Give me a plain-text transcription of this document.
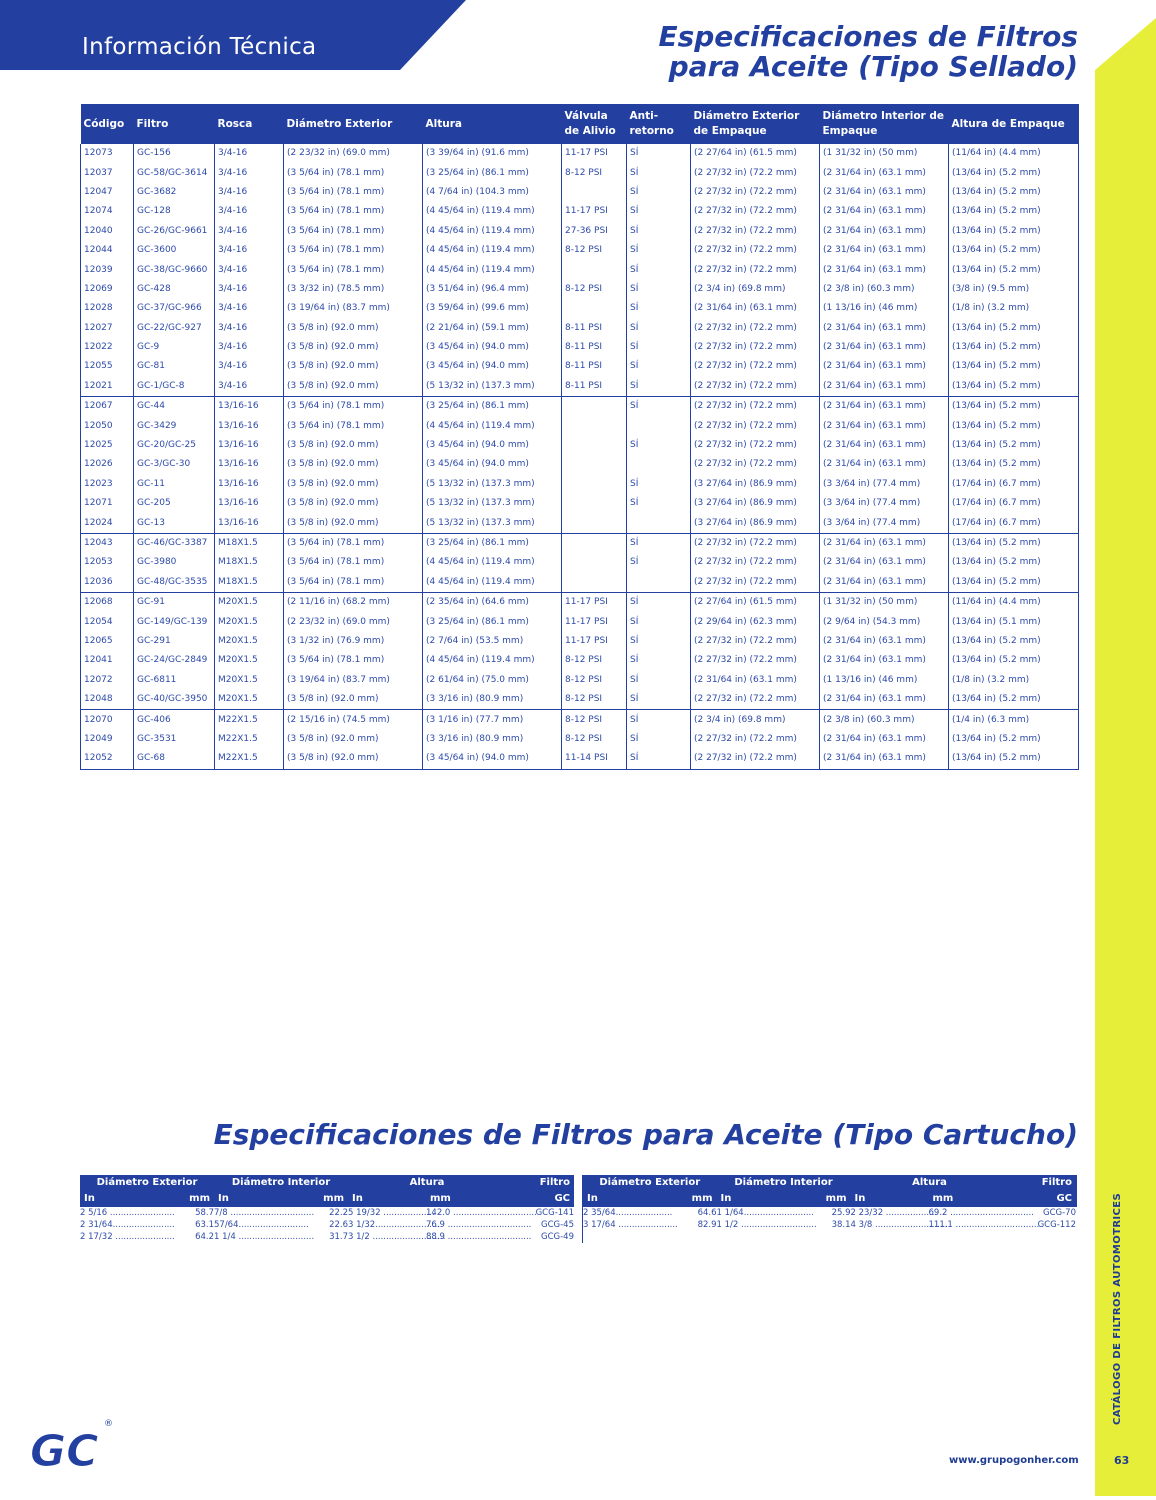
Información Técnica	Especificaciones de Filtros
para Aceite (Tipo Sellado)
CATÁLOGO DE FILTROS AUTOMOTRICES
Código	Filtro	Rosca	Diámetro Exterior	Altura	Válvula de Alivio	Anti- retorno	Diámetro Exterior de Empaque	Diámetro Interior de Empaque	Altura de Empaque
12073	GC-156	3/4-16	(2 23/32 in) (69.0 mm)	(3 39/64 in) (91.6 mm)	11-17 PSI	SÍ	(2 27/64 in) (61.5 mm)	(1 31/32 in) (50 mm)	(11/64 in) (4.4 mm)
12037	GC-58/GC-3614	3/4-16	(3 5/64 in) (78.1 mm)	(3 25/64 in) (86.1 mm)	8-12 PSI	SÍ	(2 27/32 in) (72.2 mm)	(2 31/64 in) (63.1 mm)	(13/64 in) (5.2 mm)
12047	GC-3682	3/4-16	(3 5/64 in) (78.1 mm)	(4 7/64 in) (104.3 mm)		SÍ	(2 27/32 in) (72.2 mm)	(2 31/64 in) (63.1 mm)	(13/64 in) (5.2 mm)
12074	GC-128	3/4-16	(3 5/64 in) (78.1 mm)	(4 45/64 in) (119.4 mm)	11-17 PSI	SÍ	(2 27/32 in) (72.2 mm)	(2 31/64 in) (63.1 mm)	(13/64 in) (5.2 mm)
12040	GC-26/GC-9661	3/4-16	(3 5/64 in) (78.1 mm)	(4 45/64 in) (119.4 mm)	27-36 PSI	SÍ	(2 27/32 in) (72.2 mm)	(2 31/64 in) (63.1 mm)	(13/64 in) (5.2 mm)
12044	GC-3600	3/4-16	(3 5/64 in) (78.1 mm)	(4 45/64 in) (119.4 mm)	8-12 PSI	SÍ	(2 27/32 in) (72.2 mm)	(2 31/64 in) (63.1 mm)	(13/64 in) (5.2 mm)
12039	GC-38/GC-9660	3/4-16	(3 5/64 in) (78.1 mm)	(4 45/64 in) (119.4 mm)		SÍ	(2 27/32 in) (72.2 mm)	(2 31/64 in) (63.1 mm)	(13/64 in) (5.2 mm)
12069	GC-428	3/4-16	(3 3/32 in) (78.5 mm)	(3 51/64 in) (96.4 mm)	8-12 PSI	SÍ	(2 3/4 in) (69.8 mm)	(2 3/8 in) (60.3 mm)	(3/8 in) (9.5 mm)
12028	GC-37/GC-966	3/4-16	(3 19/64 in) (83.7 mm)	(3 59/64 in) (99.6 mm)		SÍ	(2 31/64 in) (63.1 mm)	(1 13/16 in) (46 mm)	(1/8 in) (3.2 mm)
12027	GC-22/GC-927	3/4-16	(3 5/8 in) (92.0 mm)	(2 21/64 in) (59.1 mm)	8-11 PSI	SÍ	(2 27/32 in) (72.2 mm)	(2 31/64 in) (63.1 mm)	(13/64 in) (5.2 mm)
12022	GC-9	3/4-16	(3 5/8 in) (92.0 mm)	(3 45/64 in) (94.0 mm)	8-11 PSI	SÍ	(2 27/32 in) (72.2 mm)	(2 31/64 in) (63.1 mm)	(13/64 in) (5.2 mm)
12055	GC-81	3/4-16	(3 5/8 in) (92.0 mm)	(3 45/64 in) (94.0 mm)	8-11 PSI	SÍ	(2 27/32 in) (72.2 mm)	(2 31/64 in) (63.1 mm)	(13/64 in) (5.2 mm)
12021	GC-1/GC-8	3/4-16	(3 5/8 in) (92.0 mm)	(5 13/32 in) (137.3 mm)	8-11 PSI	SÍ	(2 27/32 in) (72.2 mm)	(2 31/64 in) (63.1 mm)	(13/64 in) (5.2 mm)
12067	GC-44	13/16-16	(3 5/64 in) (78.1 mm)	(3 25/64 in) (86.1 mm)		SÍ	(2 27/32 in) (72.2 mm)	(2 31/64 in) (63.1 mm)	(13/64 in) (5.2 mm)
12050	GC-3429	13/16-16	(3 5/64 in) (78.1 mm)	(4 45/64 in) (119.4 mm)			(2 27/32 in) (72.2 mm)	(2 31/64 in) (63.1 mm)	(13/64 in) (5.2 mm)
12025	GC-20/GC-25	13/16-16	(3 5/8 in) (92.0 mm)	(3 45/64 in) (94.0 mm)		SÍ	(2 27/32 in) (72.2 mm)	(2 31/64 in) (63.1 mm)	(13/64 in) (5.2 mm)
12026	GC-3/GC-30	13/16-16	(3 5/8 in) (92.0 mm)	(3 45/64 in) (94.0 mm)			(2 27/32 in) (72.2 mm)	(2 31/64 in) (63.1 mm)	(13/64 in) (5.2 mm)
12023	GC-11	13/16-16	(3 5/8 in) (92.0 mm)	(5 13/32 in) (137.3 mm)		SÍ	(3 27/64 in) (86.9 mm)	(3 3/64 in) (77.4 mm)	(17/64 in) (6.7 mm)
12071	GC-205	13/16-16	(3 5/8 in) (92.0 mm)	(5 13/32 in) (137.3 mm)		SÍ	(3 27/64 in) (86.9 mm)	(3 3/64 in) (77.4 mm)	(17/64 in) (6.7 mm)
12024	GC-13	13/16-16	(3 5/8 in) (92.0 mm)	(5 13/32 in) (137.3 mm)			(3 27/64 in) (86.9 mm)	(3 3/64 in) (77.4 mm)	(17/64 in) (6.7 mm)
12043	GC-46/GC-3387	M18X1.5	(3 5/64 in) (78.1 mm)	(3 25/64 in) (86.1 mm)		SÍ	(2 27/32 in) (72.2 mm)	(2 31/64 in) (63.1 mm)	(13/64 in) (5.2 mm)
12053	GC-3980	M18X1.5	(3 5/64 in) (78.1 mm)	(4 45/64 in) (119.4 mm)		SÍ	(2 27/32 in) (72.2 mm)	(2 31/64 in) (63.1 mm)	(13/64 in) (5.2 mm)
12036	GC-48/GC-3535	M18X1.5	(3 5/64 in) (78.1 mm)	(4 45/64 in) (119.4 mm)			(2 27/32 in) (72.2 mm)	(2 31/64 in) (63.1 mm)	(13/64 in) (5.2 mm)
12068	GC-91	M20X1.5	(2 11/16 in) (68.2 mm)	(2 35/64 in) (64.6 mm)	11-17 PSI	SÍ	(2 27/64 in) (61.5 mm)	(1 31/32 in) (50 mm)	(11/64 in) (4.4 mm)
12054	GC-149/GC-139	M20X1.5	(2 23/32 in) (69.0 mm)	(3 25/64 in) (86.1 mm)	11-17 PSI	SÍ	(2 29/64 in) (62.3 mm)	(2 9/64 in) (54.3 mm)	(13/64 in) (5.1 mm)
12065	GC-291	M20X1.5	(3 1/32 in) (76.9 mm)	(2 7/64 in) (53.5 mm)	11-17 PSI	SÍ	(2 27/32 in) (72.2 mm)	(2 31/64 in) (63.1 mm)	(13/64 in) (5.2 mm)
12041	GC-24/GC-2849	M20X1.5	(3 5/64 in) (78.1 mm)	(4 45/64 in) (119.4 mm)	8-12 PSI	SÍ	(2 27/32 in) (72.2 mm)	(2 31/64 in) (63.1 mm)	(13/64 in) (5.2 mm)
12072	GC-6811	M20X1.5	(3 19/64 in) (83.7 mm)	(2 61/64 in) (75.0 mm)	8-12 PSI	SÍ	(2 31/64 in) (63.1 mm)	(1 13/16 in) (46 mm)	(1/8 in) (3.2 mm)
12048	GC-40/GC-3950	M20X1.5	(3 5/8 in) (92.0 mm)	(3 3/16 in) (80.9 mm)	8-12 PSI	SÍ	(2 27/32 in) (72.2 mm)	(2 31/64 in) (63.1 mm)	(13/64 in) (5.2 mm)
12070	GC-406	M22X1.5	(2 15/16 in) (74.5 mm)	(3 1/16 in) (77.7 mm)	8-12 PSI	SÍ	(2 3/4 in) (69.8 mm)	(2 3/8 in) (60.3 mm)	(1/4 in) (6.3 mm)
12049	GC-3531	M22X1.5	(3 5/8 in) (92.0 mm)	(3 3/16 in) (80.9 mm)	8-12 PSI	SÍ	(2 27/32 in) (72.2 mm)	(2 31/64 in) (63.1 mm)	(13/64 in) (5.2 mm)
12052	GC-68	M22X1.5	(3 5/8 in) (92.0 mm)	(3 45/64 in) (94.0 mm)	11-14 PSI	SÍ	(2 27/32 in) (72.2 mm)	(2 31/64 in) (63.1 mm)	(13/64 in) (5.2 mm)
Especificaciones de Filtros para Aceite (Tipo Cartucho)
Diámetro Exterior		Diámetro Interior		Altura		Filtro
In	mm	In	mm	In	mm	GC
2 5/16 ........................	58.7	7/8 ...............................	22.2	5 19/32 ...................	142.0 ...............................	GCG-141
2 31/64.......................	63.1	57/64..........................	22.6	3 1/32........................	76.9 ...............................	GCG-45
2 17/32 ......................	64.2	1 1/4 ............................	31.7	3 1/2 ...........................	88.9 ...............................	GCG-49
Diámetro Exterior		Diámetro Interior		Altura		Filtro
In	mm	In	mm	In	mm	GC
2 35/64.....................	64.6	1 1/64..........................	25.9	2 23/32 ...................	69.2 ...............................	GCG-70
3 17/64 ......................	82.9	1 1/2 ............................	38.1	4 3/8 ...........................	111.1 ...............................	GCG-112

GC
®
www.grupogonher.com	63
